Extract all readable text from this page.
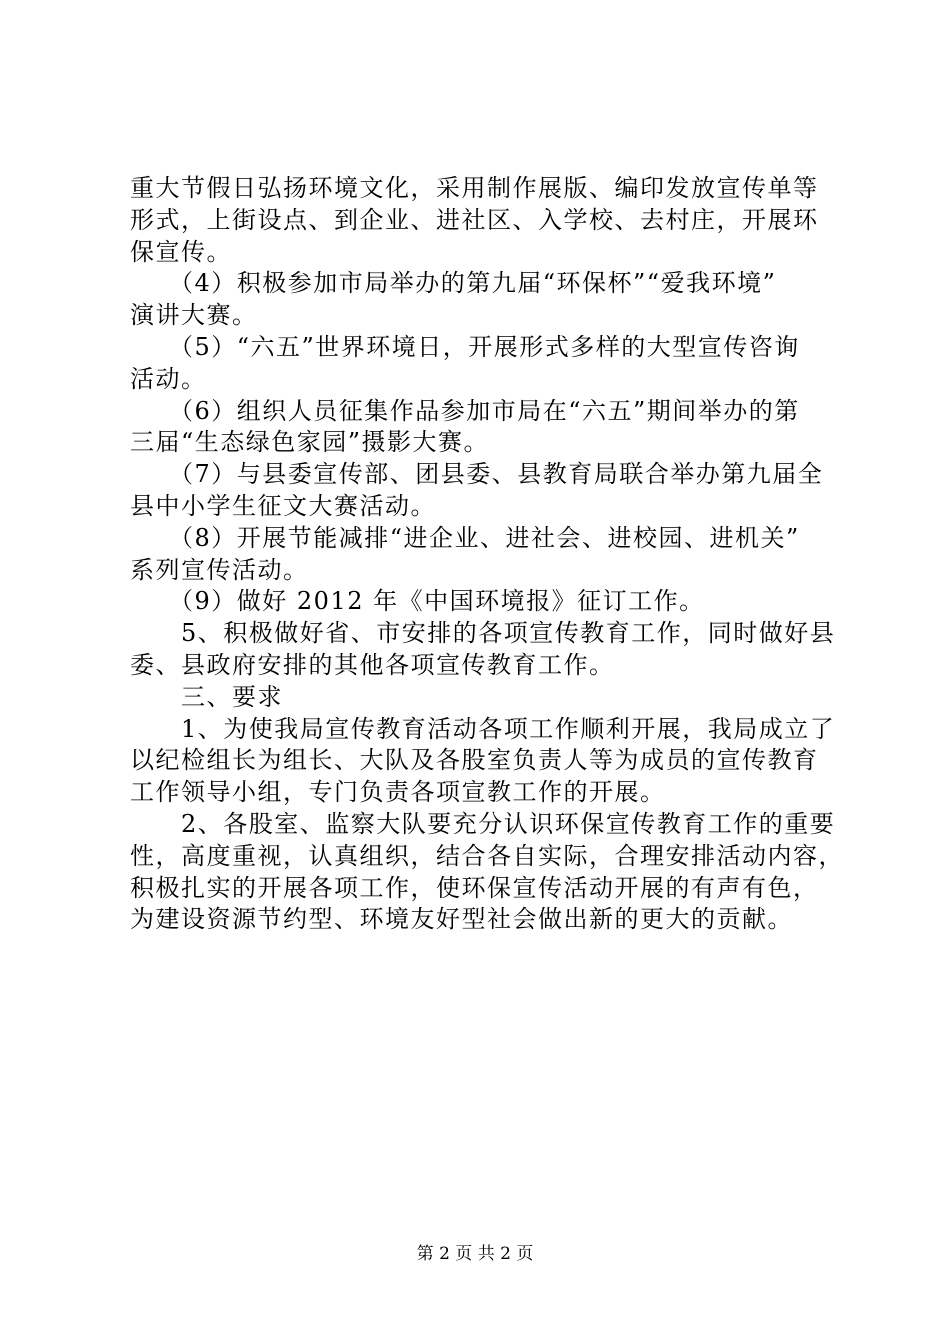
重大节假日弘扬环境文化，采用制作展版、编印发放宣传单等
形式，上街设点、到企业、进社区、入学校、去村庄，开展环
保宣传。
　　（4）积极参加市局举办的第九届“环保杯”“爱我环境”
演讲大赛。
　　（5）“六五”世界环境日，开展形式多样的大型宣传咨询
活动。
　　（6）组织人员征集作品参加市局在“六五”期间举办的第
三届“生态绿色家园”摄影大赛。
　　（7）与县委宣传部、团县委、县教育局联合举办第九届全
县中小学生征文大赛活动。
　　（8）开展节能减排“进企业、进社会、进校园、进机关”
系列宣传活动。
　　（9）做好 2012 年《中国环境报》征订工作。
　　5、积极做好省、市安排的各项宣传教育工作，同时做好县
委、县政府安排的其他各项宣传教育工作。
　　三、要求
　　1、为使我局宣传教育活动各项工作顺利开展，我局成立了
以纪检组长为组长、大队及各股室负责人等为成员的宣传教育
工作领导小组，专门负责各项宣教工作的开展。
　　2、各股室、监察大队要充分认识环保宣传教育工作的重要
性，高度重视，认真组织，结合各自实际，合理安排活动内容，
积极扎实的开展各项工作，使环保宣传活动开展的有声有色，
为建设资源节约型、环境友好型社会做出新的更大的贡献。
第 2 页 共 2 页
